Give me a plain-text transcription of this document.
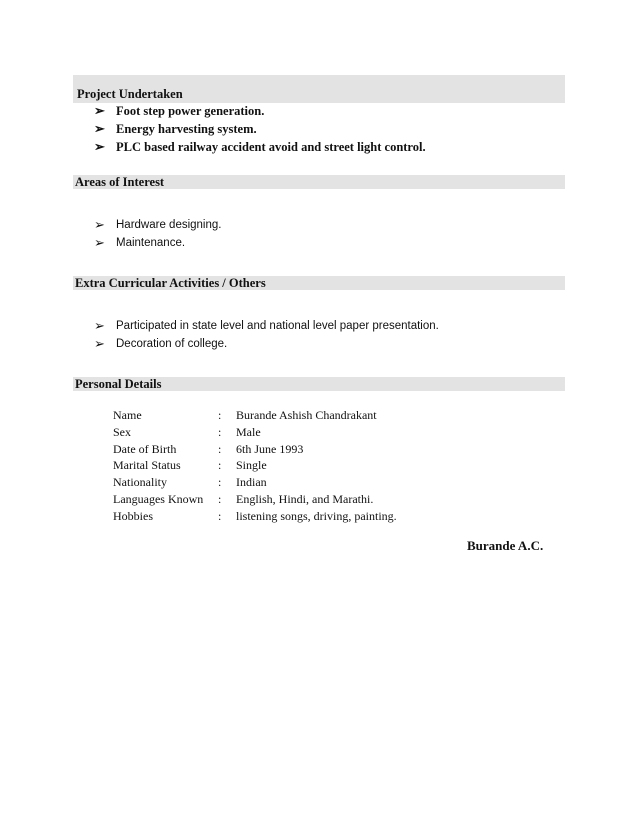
Project Undertaken
➢ Foot step power generation.
➢ Energy harvesting system.
➢ PLC based railway accident avoid and street light control.
Areas of Interest
➢ Hardware designing.
➢ Maintenance.
Extra Curricular Activities / Others
➢ Participated in state level and national level paper presentation.
➢ Decoration of college.
Personal Details
Name	: Burande Ashish Chandrakant
Sex	: Male
Date of Birth	: 6th June 1993
Marital Status	: Single
Nationality	: Indian
Languages Known : English, Hindi, and Marathi.
Hobbies	: listening songs, driving, painting.
Burande A.C.
